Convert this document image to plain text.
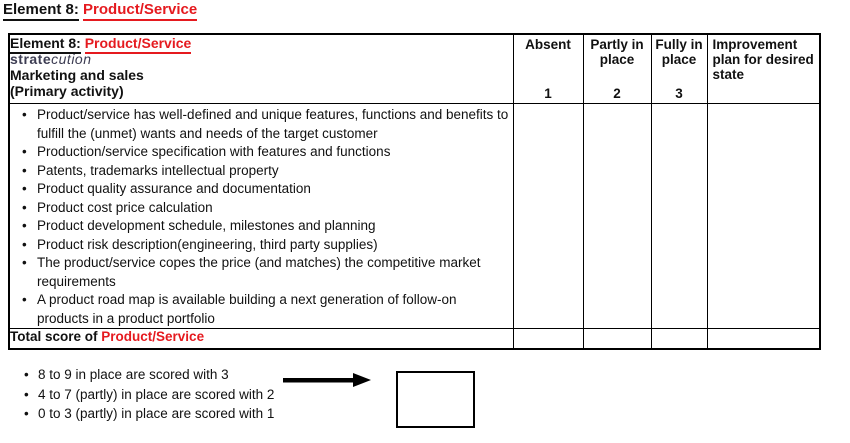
Element 8: Product/Service
Element 8: Product/Service
stratecution
Marketing and sales
(Primary activity)

Absent
1

Partly in place
2

Fully in place
3

Improvement plan for desired state

• Product/service has well-defined and unique features, functions and benefits to fulfill the (unmet) wants and needs of the target customer
• Production/service specification with features and functions
• Patents, trademarks intellectual property
• Product quality assurance and documentation
• Product cost price calculation
• Product development schedule, milestones and planning
• Product risk description(engineering, third party supplies)
• The product/service copes the price (and matches) the competitive market requirements
• A product road map is available building a next generation of follow-on products in a product portfolio

Total score of Product/Service				
• 8 to 9 in place are scored with 3
• 4 to 7 (partly) in place are scored with 2
• 0 to 3 (partly) in place are scored with 1
